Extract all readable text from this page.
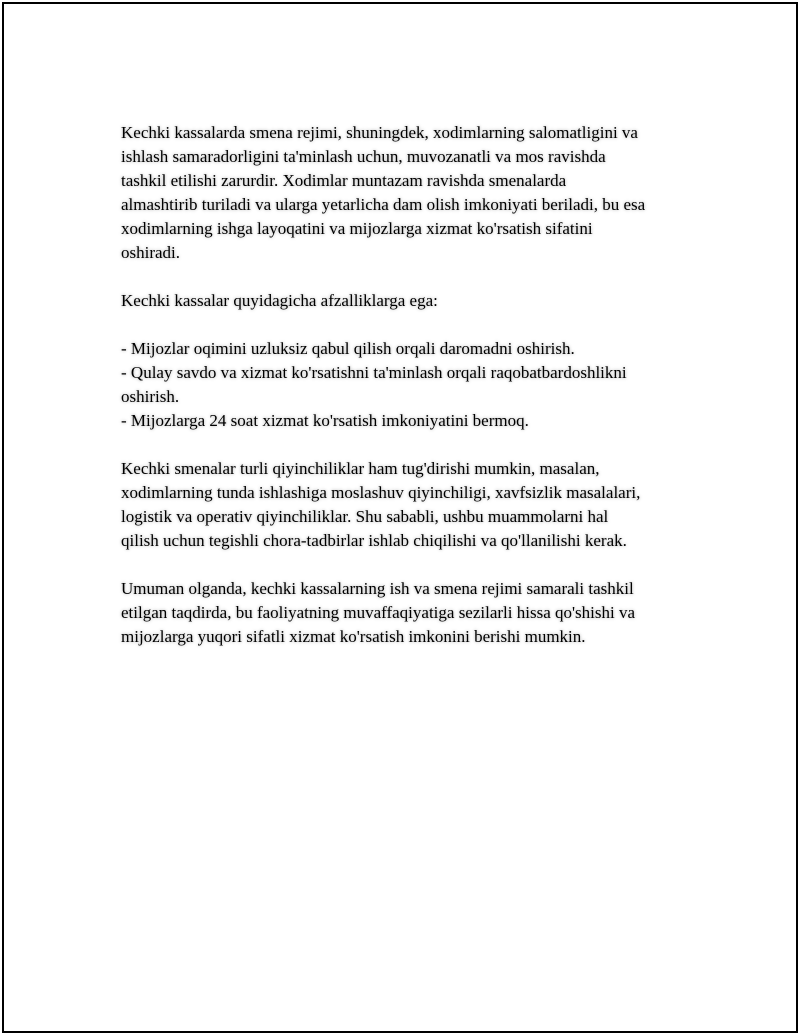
Kechki kassalarda smena rejimi, shuningdek, xodimlarning salomatligini va
ishlash samaradorligini ta'minlash uchun, muvozanatli va mos ravishda
tashkil etilishi zarurdir. Xodimlar muntazam ravishda smenalarda
almashtirib turiladi va ularga yetarlicha dam olish imkoniyati beriladi, bu esa
xodimlarning ishga layoqatini va mijozlarga xizmat ko'rsatish sifatini
oshiradi.

Kechki kassalar quyidagicha afzalliklarga ega:

- Mijozlar oqimini uzluksiz qabul qilish orqali daromadni oshirish.

- Qulay savdo va xizmat ko'rsatishni ta'minlash orqali raqobatbardoshlikni
oshirish.

- Mijozlarga 24 soat xizmat ko'rsatish imkoniyatini bermoq.

Kechki smenalar turli qiyinchiliklar ham tug'dirishi mumkin, masalan,
xodimlarning tunda ishlashiga moslashuv qiyinchiligi, xavfsizlik masalalari,
logistik va operativ qiyinchiliklar. Shu sababli, ushbu muammolarni hal
qilish uchun tegishli chora-tadbirlar ishlab chiqilishi va qo'llanilishi kerak.

Umuman olganda, kechki kassalarning ish va smena rejimi samarali tashkil
etilgan taqdirda, bu faoliyatning muvaffaqiyatiga sezilarli hissa qo'shishi va
mijozlarga yuqori sifatli xizmat ko'rsatish imkonini berishi mumkin.
